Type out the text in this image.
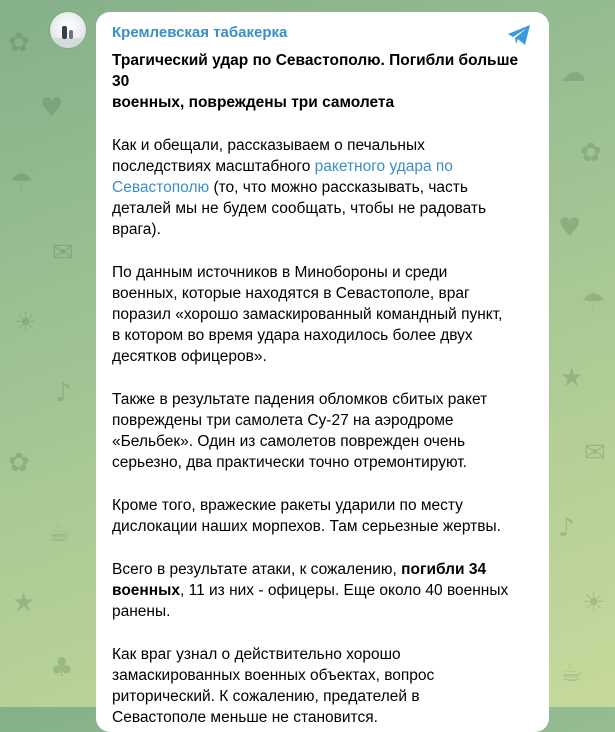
✿
♥
☂
✉
☀
♪
✿
☕
★
♣
☁
✿
♥
☂
★
✉
♪
☀
☕
Кремлевская табакерка
Трагический удар по Севастополю. Погибли больше 30
военных, повреждены три самолета
Как и обещали, рассказываем о печальных
последствиях масштабного ракетного удара по
Севастополю (то, что можно рассказывать, часть
деталей мы не будем сообщать, чтобы не радовать
врага).
По данным источников в Минобороны и среди
военных, которые находятся в Севастополе, враг
поразил «хорошо замаскированный командный пункт,
в котором во время удара находилось более двух
десятков офицеров».
Также в результате падения обломков сбитых ракет
повреждены три самолета Су-27 на аэродроме
«Бельбек». Один из самолетов поврежден очень
серьезно, два практически точно отремонтируют.
Кроме того, вражеские ракеты ударили по месту
дислокации наших морпехов. Там серьезные жертвы.
Всего в результате атаки, к сожалению, погибли 34
военных, 11 из них - офицеры. Еще около 40 военных
ранены.
Как враг узнал о действительно хорошо
замаскированных военных объектах, вопрос
риторический. К сожалению, предателей в
Севастополе меньше не становится.
